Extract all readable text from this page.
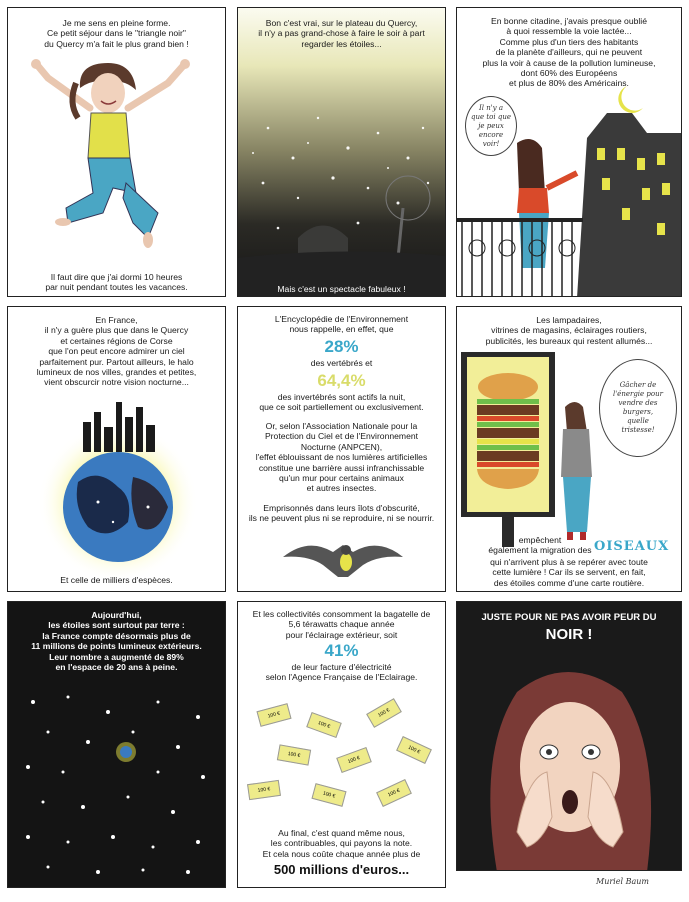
Je me sens en pleine forme.
Ce petit séjour dans le "triangle noir"
du Quercy m'a fait le plus grand bien !
Il faut dire que j'ai dormi 10 heures
par nuit pendant toutes les vacances.
Bon c'est vrai, sur le plateau du Quercy,
il n'y a pas grand-chose à faire le soir à part
regarder les étoiles...
Mais c'est un spectacle fabuleux !
En bonne citadine, j'avais presque oublié
à quoi ressemble la voie lactée...
Comme plus d'un tiers des habitants
de la planète d'ailleurs, qui ne peuvent
plus la voir à cause de la pollution lumineuse,
dont 60% des Européens
et plus de 80% des Américains.
Il n'y a
que toi que
je peux encore
voir!
En France,
il n'y a guère plus que dans le Quercy
et certaines régions de Corse
que l'on peut encore admirer un ciel
parfaitement pur. Partout ailleurs, le halo
lumineux de nos villes, grandes et petites,
vient obscurcir notre vision nocturne...
Et celle de milliers d'espèces.
L'Encyclopédie de l'Environnement
nous rappelle, en effet, que
28%
des vertébrés et
64,4%
des invertébrés sont actifs la nuit,
que ce soit partiellement ou exclusivement.
Or, selon l'Association Nationale pour la
Protection du Ciel et de l'Environnement
Nocturne (ANPCEN),
l'effet éblouissant de nos lumières artificielles
constitue une barrière aussi infranchissable
qu'un mur pour certains animaux
et autres insectes.
Emprisonnés dans leurs îlots d'obscurité,
ils ne peuvent plus ni se reproduire, ni se nourrir.
Les lampadaires,
vitrines de magasins, éclairages routiers,
publicités, les bureaux qui restent allumés...
Gâcher de
l'énergie pour
vendre des
burgers,
quelle
tristesse!
empêchent
également la migration des OISEAUX
qui n'arrivent plus à se repérer avec toute
cette lumière ! Car ils se servent, en fait,
des étoiles comme d'une carte routière.
Aujourd'hui,
les étoiles sont surtout par terre :
la France compte désormais plus de
11 millions de points lumineux extérieurs.
Leur nombre a augmenté de 89%
en l'espace de 20 ans à peine.
Et les collectivités consomment la bagatelle de
5,6 térawatts chaque année
pour l'éclairage extérieur, soit
41%
de leur facture d'électricité
selon l'Agence Française de l'Eclairage.
100 €
100 €
100 €
100 €
100 €
100 €
100 €
100 €	100 €
Au final, c'est quand même nous,
les contribuables, qui payons la note.
Et cela nous coûte chaque année plus de
500 millions d'euros...
JUSTE POUR NE PAS AVOIR PEUR DU
NOIR !
Muriel Baum
